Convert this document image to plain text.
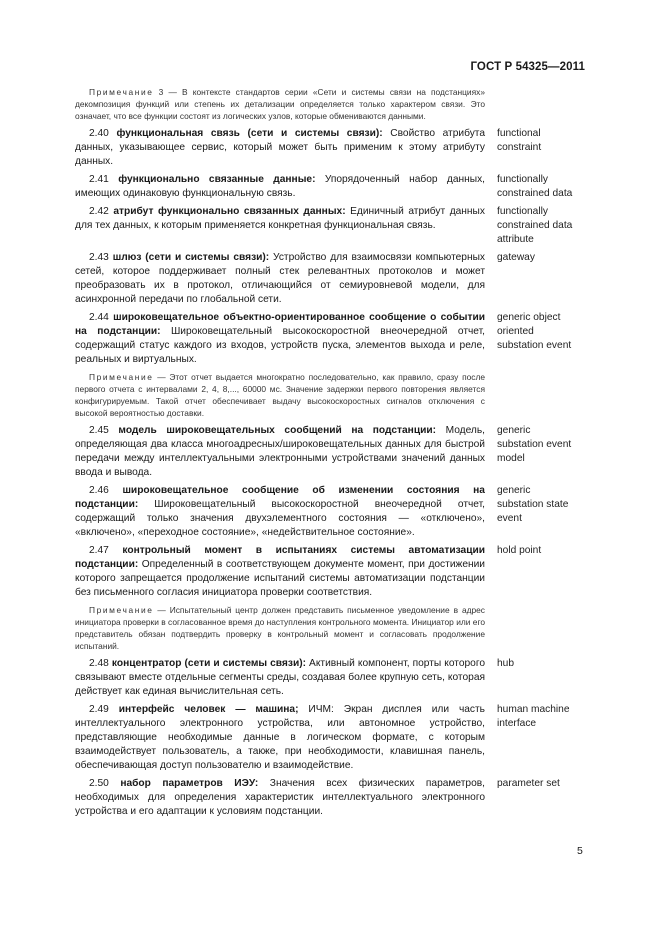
ГОСТ Р 54325—2011
Примечание 3 — В контексте стандартов серии «Сети и системы связи на подстанциях» декомпозиция функций или степень их детализации определяется только характером связи. Это означает, что все функции состоят из логических узлов, которые обмениваются данными.

2.40 функциональная связь (сети и системы связи): Свойство атрибута данных, указывающее сервис, который может быть применим к этому атрибуту данных.

functional
constraint

2.41 функционально связанные данные: Упорядоченный набор данных, имеющих одинаковую функциональную связь.

functionally
constrained data

2.42 атрибут функционально связанных данных: Единичный атрибут данных для тех данных, к которым применяется конкретная функциональная связь.

functionally
constrained data
attribute

2.43 шлюз (сети и системы связи): Устройство для взаимосвязи компьютерных сетей, которое поддерживает полный стек релевантных протоколов и может преобразовать их в протокол, отличающийся от семиуровневой модели, для асинхронной передачи по глобальной сети.

gateway

2.44 широковещательное объектно-ориентированное сообщение о событии на подстанции: Широковещательный высокоскоростной внеочередной отчет, содержащий статус каждого из входов, устройств пуска, элементов выхода и реле, реальных и виртуальных.

generic object
oriented
substation event
Примечание — Этот отчет выдается многократно последовательно, как правило, сразу после первого отчета с интервалами 2, 4, 8,..., 60000 мс. Значение задержки первого повторения является конфигурируемым. Такой отчет обеспечивает выдачу высокоскоростных сигналов отключения с высокой вероятностью доставки.

2.45 модель широковещательных сообщений на подстанции: Модель, определяющая два класса многоадресных/широковещательных данных для быстрой передачи между интеллектуальными электронными устройствами значений данных ввода и вывода.

generic
substation event
model

2.46 широковещательное сообщение об изменении состояния на подстанции: Широковещательный высокоскоростной внеочередной отчет, содержащий только значения двухэлементного состояния — «отключено», «включено», «переходное состояние», «недействительное состояние».

generic
substation state
event

2.47 контрольный момент в испытаниях системы автоматизации подстанции: Определенный в соответствующем документе момент, при достижении которого запрещается продолжение испытаний системы автоматизации подстанции без письменного согласия инициатора проверки соответствия.

hold point
Примечание — Испытательный центр должен представить письменное уведомление в адрес инициатора проверки в согласованное время до наступления контрольного момента. Инициатор или его представитель обязан подтвердить проверку в контрольный момент и согласовать продолжение испытаний.

2.48 концентратор (сети и системы связи): Активный компонент, порты которого связывают вместе отдельные сегменты среды, создавая более крупную сеть, которая действует как единая вычислительная сеть.

hub

2.49 интерфейс человек — машина; ИЧМ: Экран дисплея или часть интеллектуального электронного устройства, или автономное устройство, представляющие необходимые данные в логическом формате, с которым взаимодействует пользователь, а также, при необходимости, клавишная панель, обеспечивающая доступ пользователю и взаимодействие.

human machine
interface

2.50 набор параметров ИЭУ: Значения всех физических параметров, необходимых для определения характеристик интеллектуального электронного устройства и его адаптации к условиям подстанции.

parameter set
5
